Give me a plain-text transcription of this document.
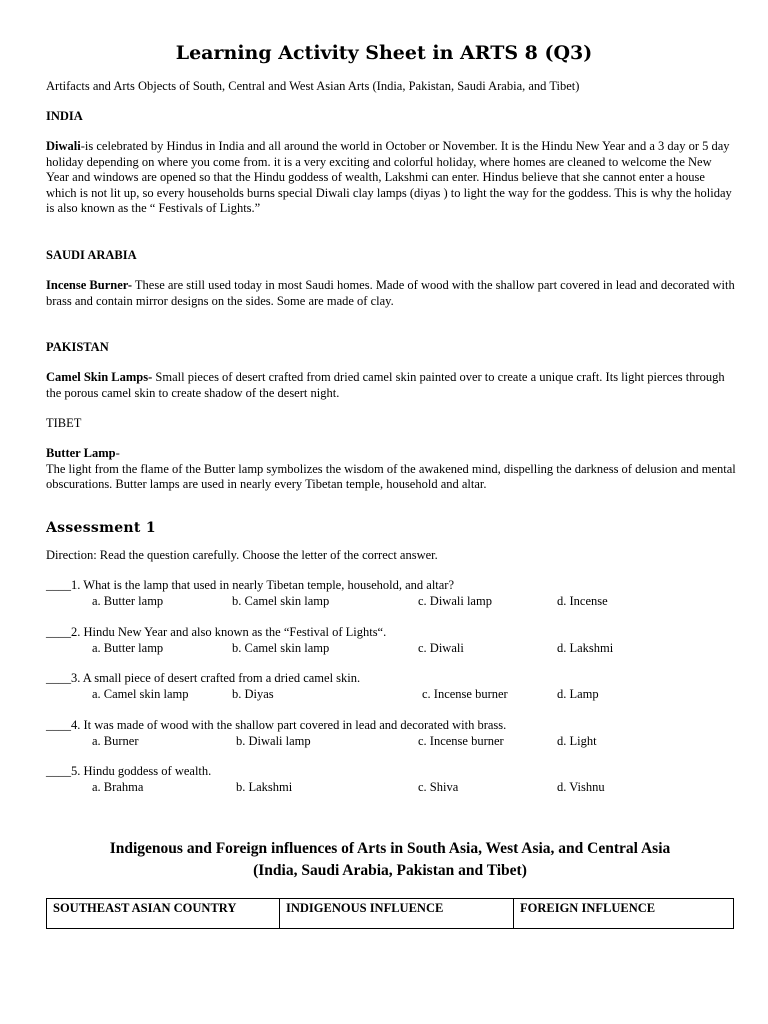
Learning Activity Sheet in ARTS 8 (Q3)
Artifacts and Arts Objects of South, Central and West Asian Arts (India, Pakistan, Saudi Arabia, and Tibet)
INDIA
Diwali-is celebrated by Hindus in India and all around the world in October or November. It is the Hindu New Year and a 3 day or 5 day holiday depending on where you come from. it is a very exciting and colorful holiday, where homes are cleaned to welcome the New Year and windows are opened so that the Hindu goddess of wealth, Lakshmi can enter. Hindus believe that she cannot enter a house which is not lit up, so every households burns special Diwali clay lamps (diyas ) to light the way for the goddess. This is why the holiday is also known as the “ Festivals of Lights.”
SAUDI ARABIA
Incense Burner- These are still used today in most Saudi homes. Made of wood with the shallow part covered in lead and decorated with brass and contain mirror designs on the sides. Some are made of clay.
PAKISTAN
Camel Skin Lamps- Small pieces of desert crafted from dried camel skin painted over to create a unique craft. Its light pierces through the porous camel skin to create shadow of the desert night.
TIBET
Butter Lamp-
The light from the flame of the Butter lamp symbolizes the wisdom of the awakened mind, dispelling the darkness of delusion and mental obscurations. Butter lamps are used in nearly every Tibetan temple, household and altar.
Assessment 1
Direction: Read the question carefully. Choose the letter of the correct answer.
____1. What is the lamp that used in nearly Tibetan temple, household, and altar?
a. Butter lamp	b. Camel skin lamp	c. Diwali lamp	d. Incense
____2. Hindu New Year and also known as the “Festival of Lights“.
a. Butter lamp	b. Camel skin lamp	c. Diwali	d. Lakshmi
____3. A small piece of desert crafted from a dried camel skin.
a. Camel skin lamp	b. Diyas	c. Incense burner	d. Lamp
____4. It was made of wood with the shallow part covered in lead and decorated with brass.
a. Burner	b. Diwali lamp	c. Incense burner	d. Light
____5. Hindu goddess of wealth.
a. Brahma	b. Lakshmi	c. Shiva	d. Vishnu
Indigenous and Foreign influences of Arts in South Asia, West Asia, and Central Asia
(India, Saudi Arabia, Pakistan and Tibet)
SOUTHEAST ASIAN COUNTRY	INDIGENOUS INFLUENCE	FOREIGN INFLUENCE
